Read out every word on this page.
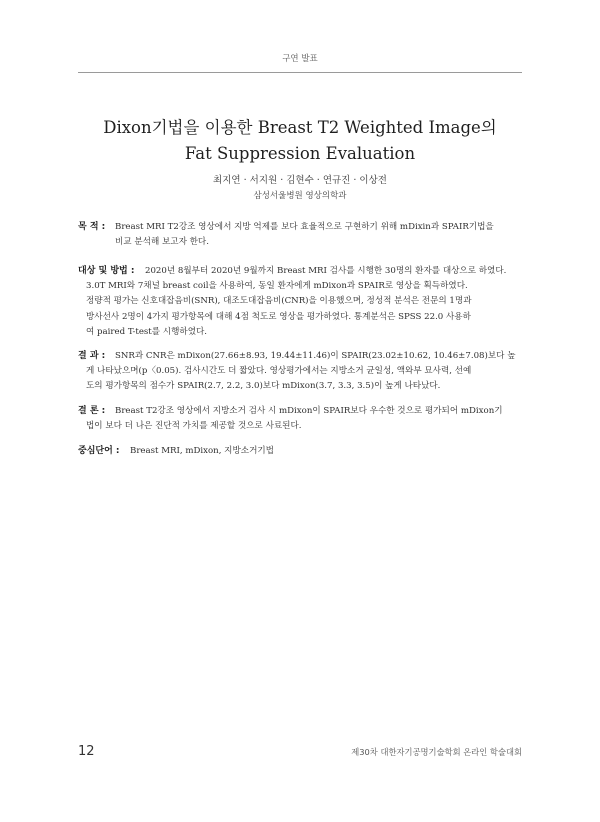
구연 발표
Dixon기법을 이용한 Breast T2 Weighted Image의
Fat Suppression Evaluation
최지연 · 서지원 · 김현수 · 연규진 · 이상전
삼성서울병원 영상의학과
목 적 : Breast MRI T2강조 영상에서 지방 억제를 보다 효율적으로 구현하기 위해 mDixin과 SPAIR기법을
비교 분석해 보고자 한다.
대상 및 방법 : 2020년 8월부터 2020년 9월까지 Breast MRI 검사를 시행한 30명의 환자를 대상으로 하였다.
3.0T MRI와 7채널 breast coil을 사용하여, 동일 환자에게 mDixon과 SPAIR로 영상을 획득하였다.
정량적 평가는 신호대잡음비(SNR), 대조도대잡음비(CNR)을 이용했으며, 정성적 분석은 전문의 1명과
방사선사 2명이 4가지 평가항목에 대해 4점 척도로 영상을 평가하였다. 통계분석은 SPSS 22.0 사용하
여 paired T-test를 시행하였다.
결 과 : SNR과 CNR은 mDixon(27.66±8.93, 19.44±11.46)이 SPAIR(23.02±10.62, 10.46±7.08)보다 높
게 나타났으며(p〈0.05). 검사시간도 더 짧았다. 영상평가에서는 지방소거 균일성, 액와부 묘사력, 선예
도의 평가항목의 점수가 SPAIR(2.7, 2.2, 3.0)보다 mDixon(3.7, 3.3, 3.5)이 높게 나타났다.
결 론 : Breast T2강조 영상에서 지방소거 검사 시 mDixon이 SPAIR보다 우수한 것으로 평가되어 mDixon기
법이 보다 더 나은 진단적 가치를 제공할 것으로 사료된다.
중심단어 : Breast MRI, mDixon, 지방소거기법
12	제30차 대한자기공명기술학회 온라인 학술대회
